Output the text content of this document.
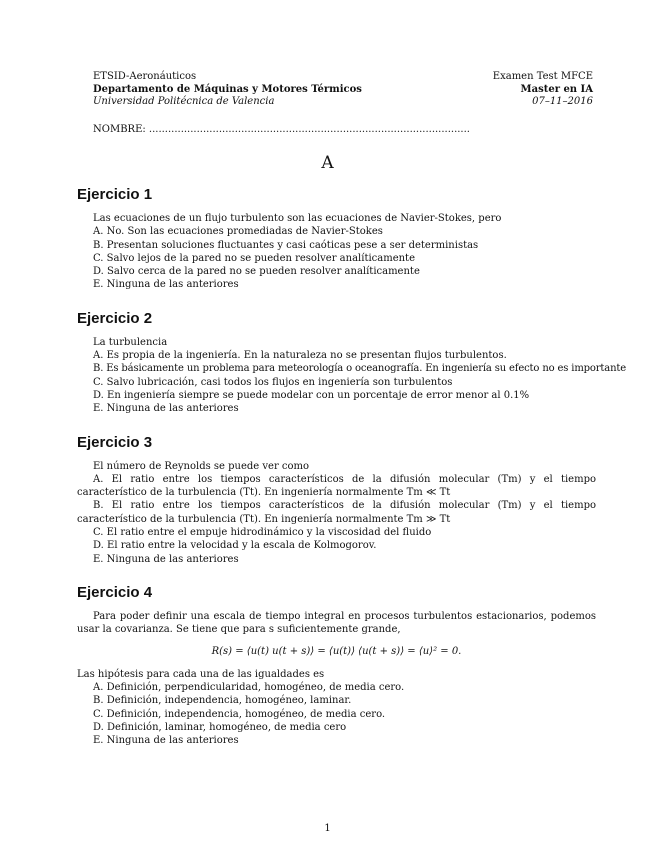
ETSID-Aeronáuticos
Departamento de Máquinas y Motores Térmicos
Universidad Politécnica de Valencia
Examen Test MFCE
Master en IA
07–11–2016
NOMBRE: .....................................................................................................
A
Ejercicio 1
Las ecuaciones de un flujo turbulento son las ecuaciones de Navier-Stokes, pero
A. No. Son las ecuaciones promediadas de Navier-Stokes
B. Presentan soluciones fluctuantes y casi caóticas pese a ser deterministas
C. Salvo lejos de la pared no se pueden resolver analíticamente
D. Salvo cerca de la pared no se pueden resolver analíticamente
E. Ninguna de las anteriores
Ejercicio 2
La turbulencia
A. Es propia de la ingeniería. En la naturaleza no se presentan flujos turbulentos.
B. Es básicamente un problema para meteorología o oceanografía. En ingeniería su efecto no es importante
C. Salvo lubricación, casi todos los flujos en ingeniería son turbulentos
D. En ingeniería siempre se puede modelar con un porcentaje de error menor al 0.1%
E. Ninguna de las anteriores
Ejercicio 3
El número de Reynolds se puede ver como
A. El ratio entre los tiempos característicos de la difusión molecular (Tm) y el tiempo característico de la turbulencia (Tt). En ingeniería normalmente Tm ≪ Tt
B. El ratio entre los tiempos característicos de la difusión molecular (Tm) y el tiempo característico de la turbulencia (Tt). En ingeniería normalmente Tm ≫ Tt
C. El ratio entre el empuje hidrodinámico y la viscosidad del fluido
D. El ratio entre la velocidad y la escala de Kolmogorov.
E. Ninguna de las anteriores
Ejercicio 4
Para poder definir una escala de tiempo integral en procesos turbulentos estacionarios, podemos usar la covarianza. Se tiene que para s suficientemente grande,
R(s) = ⟨u(t) u(t + s)⟩ = ⟨u(t)⟩ ⟨u(t + s)⟩ = ⟨u⟩² = 0.
Las hipótesis para cada una de las igualdades es
A. Definición, perpendicularidad, homogéneo, de media cero.
B. Definición, independencia, homogéneo, laminar.
C. Definición, independencia, homogéneo, de media cero.
D. Definición, laminar, homogéneo, de media cero
E. Ninguna de las anteriores
1
